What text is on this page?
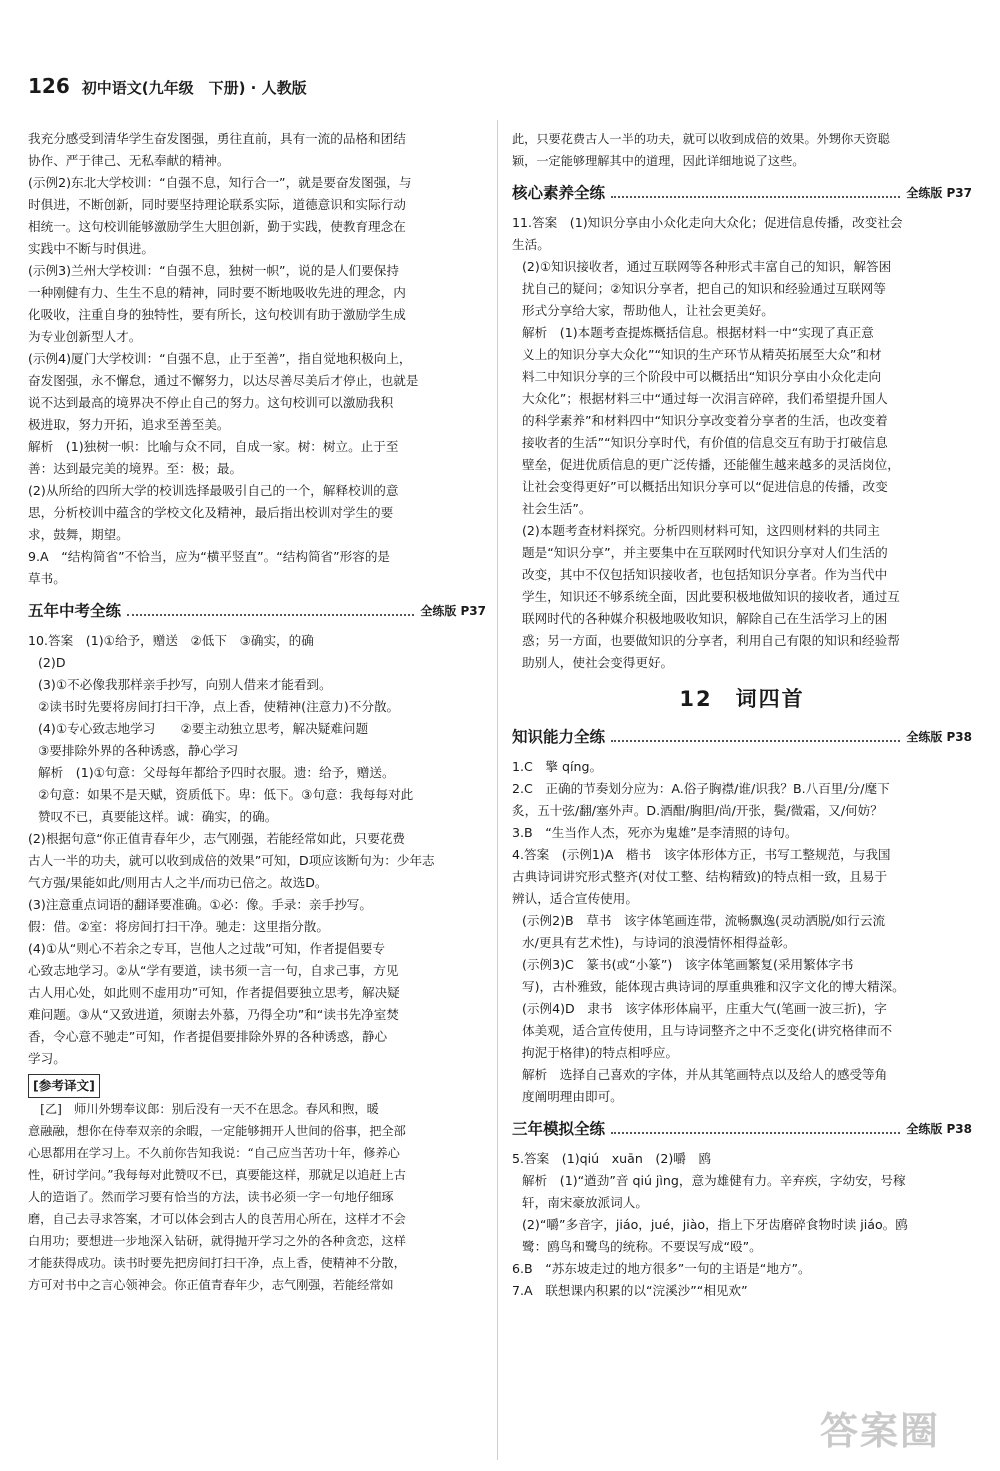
126 初中语文(九年级　下册) · 人教版

我充分感受到清华学生奋发图强，勇往直前，具有一流的品格和团结
协作、严于律己、无私奉献的精神。

(示例2)东北大学校训：“自强不息，知行合一”，就是要奋发图强，与
时俱进，不断创新，同时要坚持理论联系实际，道德意识和实际行动
相统一。这句校训能够激励学生大胆创新，勤于实践，使教育理念在
实践中不断与时俱进。

(示例3)兰州大学校训：“自强不息，独树一帜”，说的是人们要保持
一种刚健有力、生生不息的精神，同时要不断地吸收先进的理念，内
化吸收，注重自身的独特性，要有所长，这句校训有助于激励学生成
为专业创新型人才。

(示例4)厦门大学校训：“自强不息，止于至善”，指自觉地积极向上，
奋发图强，永不懈怠，通过不懈努力，以达尽善尽美后才停止，也就是
说不达到最高的境界决不停止自己的努力。这句校训可以激励我积
极进取，努力开拓，追求至善至美。

解析　(1)独树一帜：比喻与众不同，自成一家。树：树立。止于至
善：达到最完美的境界。至：极；最。

(2)从所给的四所大学的校训选择最吸引自己的一个，解释校训的意
思，分析校训中蕴含的学校文化及精神，最后指出校训对学生的要
求，鼓舞，期望。

9.A　“结构简省”不恰当，应为“横平竖直”。“结构简省”形容的是
草书。

五年中考全练	全练版 P37

10.答案　(1)①给予，赠送　②低下　③确实，的确

(2)D

(3)①不必像我那样亲手抄写，向别人借来才能看到。

②读书时先要将房间打扫干净，点上香，使精神(注意力)不分散。

(4)①专心致志地学习　　②要主动独立思考，解决疑难问题

③要排除外界的各种诱惑，静心学习

解析　(1)①句意：父母每年都给予四时衣服。遗：给予，赠送。
②句意：如果不是天赋，资质低下。卑：低下。③句意：我每每对此
赞叹不已，真要能这样。诚：确实，的确。

(2)根据句意“你正值青春年少，志气刚强，若能经常如此，只要花费
古人一半的功夫，就可以收到成倍的效果”可知，D项应该断句为：少年志
气方强/果能如此/则用古人之半/而功已倍之。故选D。

(3)注意重点词语的翻译要准确。①必：像。手录：亲手抄写。
假：借。②室：将房间打扫干净。驰走：这里指分散。

(4)①从“则心不若余之专耳，岂他人之过哉”可知，作者提倡要专
心致志地学习。②从“学有要道，读书须一言一句，自求己事，方见
古人用心处，如此则不虚用功”可知，作者提倡要独立思考，解决疑
难问题。③从“又致进道，须谢去外慕，乃得全功”和“读书先净室焚
香，令心意不驰走”可知，作者提倡要排除外界的各种诱惑，静心
学习。

[参考译文]

　[乙]　师川外甥奉议郎：别后没有一天不在思念。春风和煦，暖
意融融，想你在侍奉双亲的余暇，一定能够拥开人世间的俗事，把全部
心思都用在学习上。不久前你告知我说：“自己应当苦功十年，修养心
性，研讨学问。”我每每对此赞叹不已，真要能这样，那就足以追赶上古
人的造诣了。然而学习要有恰当的方法，读书必须一字一句地仔细琢
磨，自己去寻求答案，才可以体会到古人的良苦用心所在，这样才不会
白用功；要想进一步地深入钻研，就得抛开学习之外的各种贪恋，这样
才能获得成功。读书时要先把房间打扫干净，点上香，使精神不分散，
方可对书中之言心领神会。你正值青春年少，志气刚强，若能经常如

此，只要花费古人一半的功夫，就可以收到成倍的效果。外甥你天资聪
颖，一定能够理解其中的道理，因此详细地说了这些。

核心素养全练	全练版 P37

11.答案　(1)知识分享由小众化走向大众化；促进信息传播，改变社会
生活。

(2)①知识接收者，通过互联网等各种形式丰富自己的知识，解答困
扰自己的疑问；②知识分享者，把自己的知识和经验通过互联网等
形式分享给大家，帮助他人，让社会更美好。

解析　(1)本题考查提炼概括信息。根据材料一中“实现了真正意
义上的知识分享大众化”“知识的生产环节从精英拓展至大众”和材
料二中知识分享的三个阶段中可以概括出“知识分享由小众化走向
大众化”；根据材料三中“通过每一次涓言碎碎，我们希望提升国人
的科学素养”和材料四中“知识分享改变着分享者的生活，也改变着
接收者的生活”“知识分享时代，有价值的信息交互有助于打破信息
壁垒，促进优质信息的更广泛传播，还能催生越来越多的灵活岗位，
让社会变得更好”可以概括出知识分享可以“促进信息的传播，改变
社会生活”。

(2)本题考查材料探究。分析四则材料可知，这四则材料的共同主
题是“知识分享”，并主要集中在互联网时代知识分享对人们生活的
改变，其中不仅包括知识接收者，也包括知识分享者。作为当代中
学生，知识还不够系统全面，因此要积极地做知识的接收者，通过互
联网时代的各种媒介积极地吸收知识，解除自己在生活学习上的困
惑；另一方面，也要做知识的分享者，利用自己有限的知识和经验帮
助别人，使社会变得更好。

12　词四首
知识能力全练	全练版 P38

1.C　擎 qíng。

2.C　正确的节奏划分应为：A.俗子胸襟/谁/识我？B.八百里/分/麾下
炙，五十弦/翻/塞外声。D.酒酣/胸胆/尚/开张，鬓/微霜，又/何妨？

3.B　“生当作人杰，死亦为鬼雄”是李清照的诗句。

4.答案　(示例1)A　楷书　该字体形体方正，书写工整规范，与我国
古典诗词讲究形式整齐(对仗工整、结构精致)的特点相一致，且易于
辨认，适合宣传使用。

(示例2)B　草书　该字体笔画连带，流畅飘逸(灵动洒脱/如行云流
水/更具有艺术性)，与诗词的浪漫情怀相得益彰。

(示例3)C　篆书(或“小篆”)　该字体笔画繁复(采用繁体字书
写)，古朴雅致，能体现古典诗词的厚重典雅和汉字文化的博大精深。

(示例4)D　隶书　该字体形体扁平，庄重大气(笔画一波三折)，字
体美观，适合宣传使用，且与诗词整齐之中不乏变化(讲究格律而不
拘泥于格律)的特点相呼应。

解析　选择自己喜欢的字体，并从其笔画特点以及给人的感受等角
度阐明理由即可。

三年模拟全练	全练版 P38

5.答案　(1)qiú　xuān　(2)嚼　鸥

解析　(1)“遒劲”音 qiú jìng，意为雄健有力。辛弃疾，字幼安，号稼
轩，南宋豪放派词人。

(2)“嚼”多音字，jiáo，jué，jiào，指上下牙齿磨碎食物时读 jiáo。鸥
鹭：鸥鸟和鹭鸟的统称。不要误写成“殴”。

6.B　“苏东坡走过的地方很多”一句的主语是“地方”。

7.A　联想课内积累的以“浣溪沙”“相见欢”

答案圈
